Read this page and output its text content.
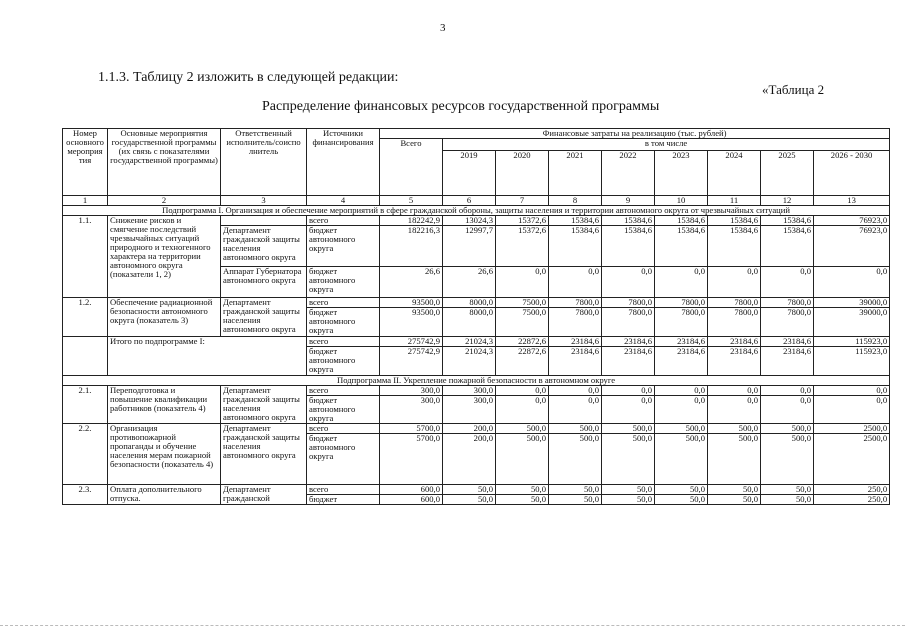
3
1.1.3. Таблицу 2 изложить в следующей редакции:
«Таблица 2
Распределение финансовых ресурсов государственной программы
Номер основного мероприя тия	Основные мероприятия государственной программы (их связь с показателями государственной программы)	Ответственный исполнитель/соиспо лнитель	Источники финансирования	Финансовые затраты на реализацию (тыс. рублей)								
				Всего	в том числе							
					2019	2020	2021	2022	2023	2024	2025	2026 - 2030
1	2	3	4	5	6	7	8	9	10	11	12	13
Подпрограмма I. Организация и обеспечение мероприятий в сфере гражданской обороны, защиты населения и территории автономного округа от чрезвычайных ситуаций												
1.1.	Снижение рисков и смягчение последствий чрезвычайных ситуаций природного и техногенного характера на территории автономного округа (показатели 1, 2)		всего	182242,9	13024,3	15372,6	15384,6	15384,6	15384,6	15384,6	15384,6	76923,0
		Департамент гражданской защиты населения автономного округа	бюджет автономного округа	182216,3	12997,7	15372,6	15384,6	15384,6	15384,6	15384,6	15384,6	76923,0
		Аппарат Губернатора автономного округа	бюджет автономного округа	26,6	26,6	0,0	0,0	0,0	0,0	0,0	0,0	0,0
1.2.	Обеспечение радиационной безопасности автономного округа (показатель 3)	Департамент гражданской защиты населения автономного округа	всего	93500,0	8000,0	7500,0	7800,0	7800,0	7800,0	7800,0	7800,0	39000,0
			бюджет автономного округа	93500,0	8000,0	7500,0	7800,0	7800,0	7800,0	7800,0	7800,0	39000,0
	Итого по подпрограмме I:		всего	275742,9	21024,3	22872,6	23184,6	23184,6	23184,6	23184,6	23184,6	115923,0
			бюджет автономного округа	275742,9	21024,3	22872,6	23184,6	23184,6	23184,6	23184,6	23184,6	115923,0
Подпрограмма II. Укрепление пожарной безопасности в автономном округе												
2.1.	Переподготовка и повышение квалификации работников (показатель 4)	Департамент гражданской защиты населения автономного округа	всего	300,0	300,0	0,0	0,0	0,0	0,0	0,0	0,0	0,0
			бюджет автономного округа	300,0	300,0	0,0	0,0	0,0	0,0	0,0	0,0	0,0
2.2.	Организация противопожарной пропаганды и обучение населения мерам пожарной безопасности (показатель 4)	Департамент гражданской защиты населения автономного округа	всего	5700,0	200,0	500,0	500,0	500,0	500,0	500,0	500,0	2500,0
			бюджет автономного округа	5700,0	200,0	500,0	500,0	500,0	500,0	500,0	500,0	2500,0
2.3.	Оплата дополнительного отпуска.	Департамент гражданской	всего	600,0	50,0	50,0	50,0	50,0	50,0	50,0	50,0	250,0
			бюджет	600,0	50,0	50,0	50,0	50,0	50,0	50,0	50,0	250,0
